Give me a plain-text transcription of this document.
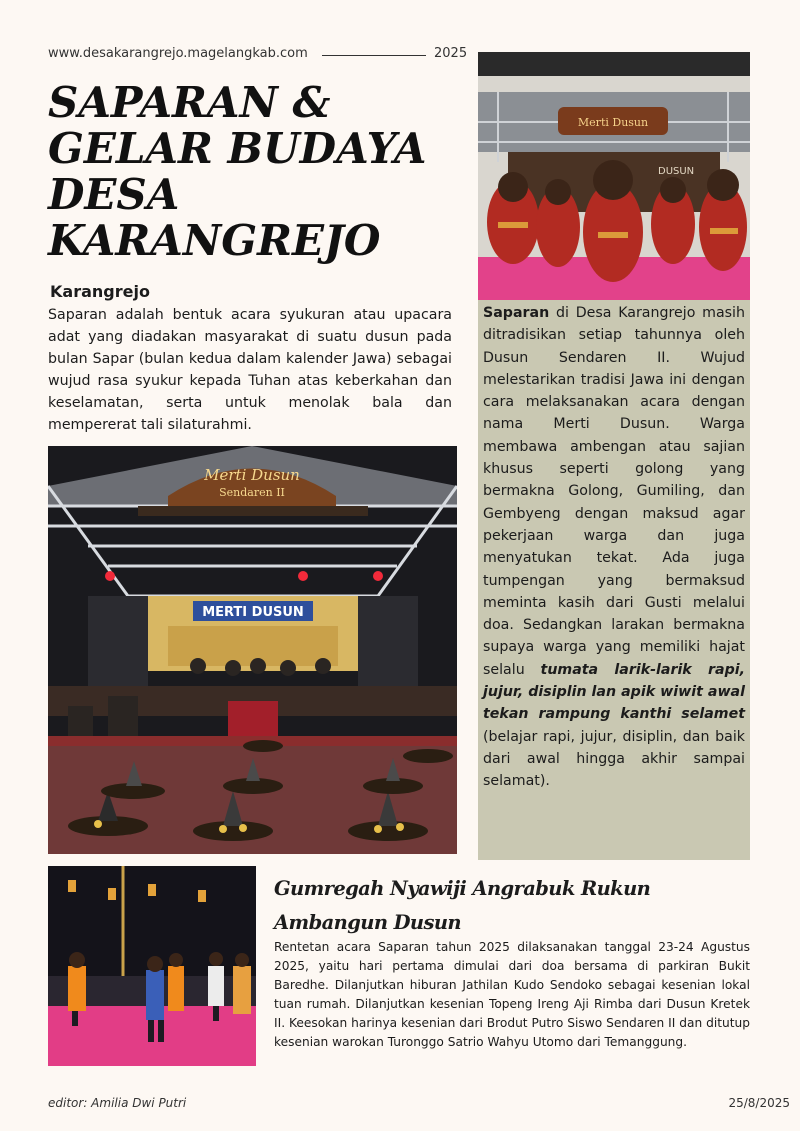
www.desakarangrejo.magelangkab.com	2025
SAPARAN &
GELAR BUDAYA
DESA
KARANGREJO
Karangrejo

Saparan adalah bentuk acara syukuran atau upacara adat yang diadakan masyarakat di suatu dusun pada bulan Sapar (bulan kedua dalam kalender Jawa) sebagai wujud rasa syukur kepada Tuhan atas keberkahan dan keselamatan, serta untuk menolak bala dan mempererat tali silaturahmi.

Merti Dusun
DUSUN

Saparan di Desa Karangrejo masih ditradisikan setiap tahunnya oleh Dusun Sendaren II. Wujud melestarikan tradisi Jawa ini dengan cara melaksanakan acara dengan nama Merti Dusun. Warga membawa ambengan atau sajian khusus seperti golong yang bermakna Golong, Gumiling, dan Gembyeng dengan maksud agar pekerjaan warga dan juga menyatukan tekat. Ada juga tumpengan yang bermaksud meminta kasih dari Gusti melalui doa. Sedangkan larakan bermakna supaya warga yang memiliki hajat selalu tumata larik-larik rapi, jujur, disiplin lan apik wiwit awal tekan rampung kanthi selamet (belajar rapi, jujur, disiplin, dan baik dari awal hingga akhir sampai selamat).

Merti Dusun
Sendaren II
MERTI DUSUN
Gumregah Nyawiji Angrabuk Rukun Ambangun Dusun

Rentetan acara Saparan tahun 2025 dilaksanakan tanggal 23-24 Agustus 2025, yaitu hari pertama dimulai dari doa bersama di parkiran Bukit Baredhe. Dilanjutkan hiburan Jathilan Kudo Sendoko sebagai kesenian lokal tuan rumah. Dilanjutkan kesenian Topeng Ireng Aji Rimba dari Dusun Kretek II. Keesokan harinya kesenian dari Brodut Putro Siswo Sendaren II dan ditutup kesenian warokan Turonggo Satrio Wahyu Utomo dari Temanggung.

editor: Amilia Dwi Putri	25/8/2025
